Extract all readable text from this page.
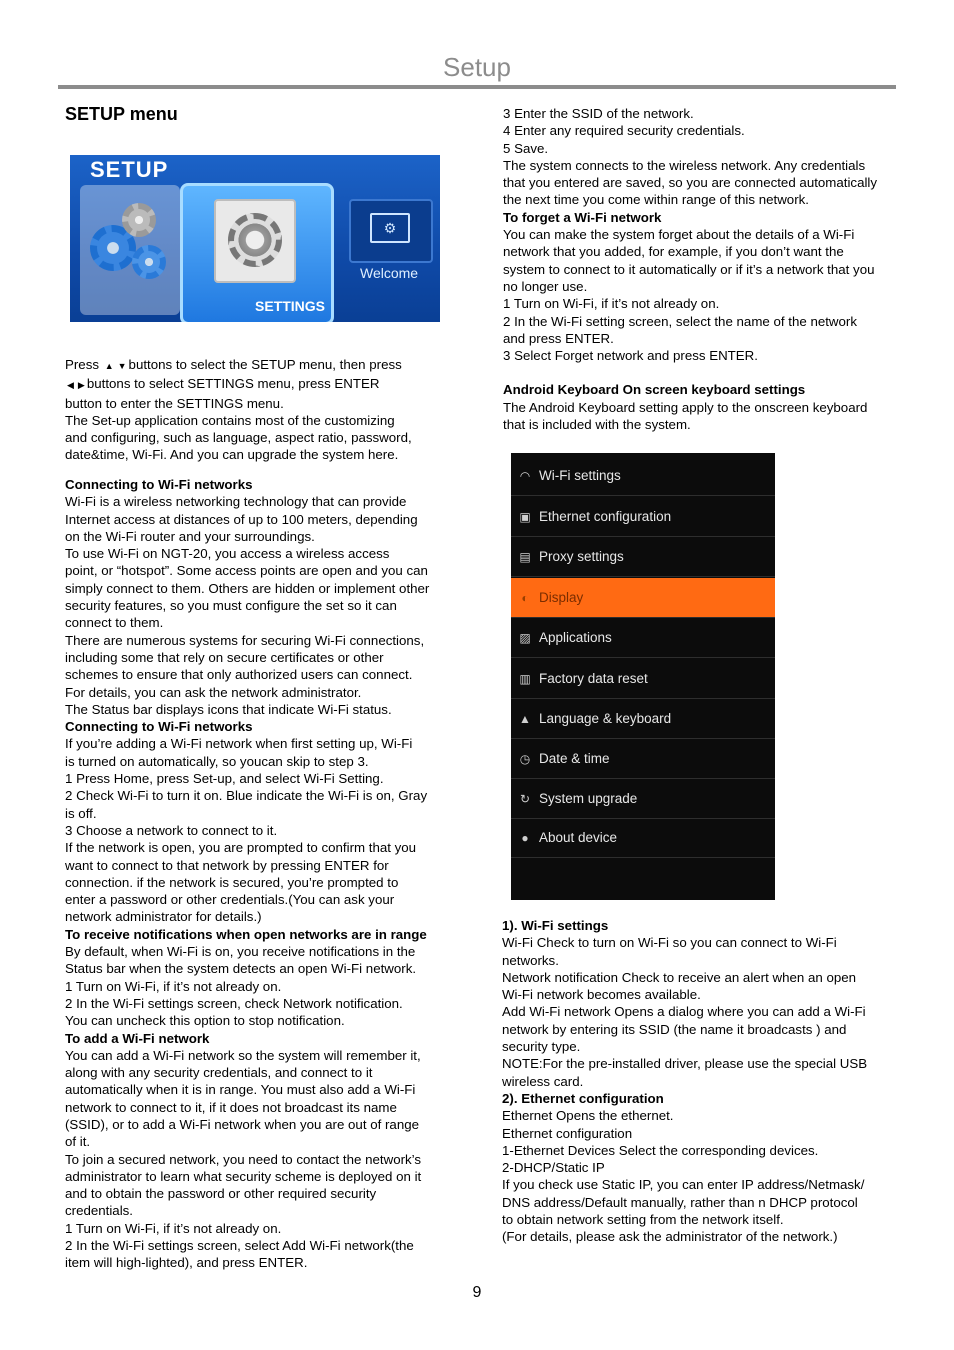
Setup
SETUP menu
SETUP
SETTINGS
⚙
Welcome
Press ▲ ▼ buttons to select the SETUP menu, then press
◀ ▶ buttons to select SETTINGS menu, press ENTER
button to enter the SETTINGS menu.
The Set-up application contains most of the customizing
and configuring, such as language, aspect ratio, password,
date&time, Wi-Fi. And you can upgrade the system here.
Connecting to Wi-Fi networks
Wi-Fi is a wireless networking technology that can provide
Internet access at distances of up to 100 meters, depending
on the Wi-Fi router and your surroundings.
To use Wi-Fi on NGT-20, you access a wireless access
point, or “hotspot”. Some access points are open and you can
simply connect to them. Others are hidden or implement other
security features, so you must configure the set so it can
connect to them.
There are numerous systems for securing Wi-Fi connections,
including some that rely on secure certificates or other
schemes to ensure that only authorized users can connect.
For details, you can ask the network administrator.
The Status bar displays icons that indicate Wi-Fi status.
Connecting to Wi-Fi networks
If you’re adding a Wi-Fi network when first setting up, Wi-Fi
is turned on automatically, so youcan skip to step 3.
1 Press Home, press Set-up, and select Wi-Fi Setting.
2 Check Wi-Fi to turn it on. Blue indicate the Wi-Fi is on, Gray
is off.
3 Choose a network to connect to it.
If the network is open, you are prompted to confirm that you
want to connect to that network by pressing ENTER for
connection. if the network is secured, you’re prompted to
enter a password or other credentials.(You can ask your
network administrator for details.)
To receive notifications when open networks are in range
By default, when Wi-Fi is on, you receive notifications in the
Status bar when the system detects an open Wi-Fi network.
1 Turn on Wi-Fi, if it’s not already on.
2 In the Wi-Fi settings screen, check Network notification.
You can uncheck this option to stop notification.
To add a Wi-Fi network
You can add a Wi-Fi network so the system will remember it,
along with any security credentials, and connect to it
automatically when it is in range. You must also add a Wi-Fi
network to connect to it, if it does not broadcast its name
(SSID), or to add a Wi-Fi network when you are out of range
of it.
To join a secured network, you need to contact the network’s
administrator to learn what security scheme is deployed on it
and to obtain the password or other required security
credentials.
1 Turn on Wi-Fi, if it’s not already on.
2 In the Wi-Fi settings screen, select Add Wi-Fi network(the
item will high-lighted), and press ENTER.
3 Enter the SSID of the network.
4 Enter any required security credentials.
5 Save.
The system connects to the wireless network. Any credentials
that you entered are saved, so you are connected automatically
the next time you come within range of this network.
To forget a Wi-Fi network
You can make the system forget about the details of a Wi-Fi
network that you added, for example, if you don’t want the
system to connect to it automatically or if it’s a network that you
no longer use.
1 Turn on Wi-Fi, if it’s not already on.
2 In the Wi-Fi setting screen, select the name of the network
and press ENTER.
3 Select Forget network and press ENTER.
Android Keyboard On screen keyboard settings
The Android Keyboard setting apply to the onscreen keyboard
that is included with the system.
◠ Wi-Fi settings
▣ Ethernet configuration
▤ Proxy settings
◐ Display
▨ Applications
▥ Factory data reset
▲ Language & keyboard
◷ Date & time
↻ System upgrade
● About device
1). Wi-Fi settings
Wi-Fi Check to turn on Wi-Fi so you can connect to Wi-Fi
networks.
Network notification Check to receive an alert when an open
Wi-Fi network becomes available.
Add Wi-Fi network Opens a dialog where you can add a Wi-Fi
network by entering its SSID (the name it broadcasts ) and
security type.
NOTE:For the pre-installed driver, please use the special USB
wireless card.
2). Ethernet configuration
Ethernet Opens the ethernet.
Ethernet configuration
1-Ethernet Devices Select the corresponding devices.
2-DHCP/Static IP
If you check use Static IP, you can enter IP address/Netmask/
DNS address/Default manually, rather than n DHCP protocol
to obtain network setting from the network itself.
(For details, please ask the administrator of the network.)
9
